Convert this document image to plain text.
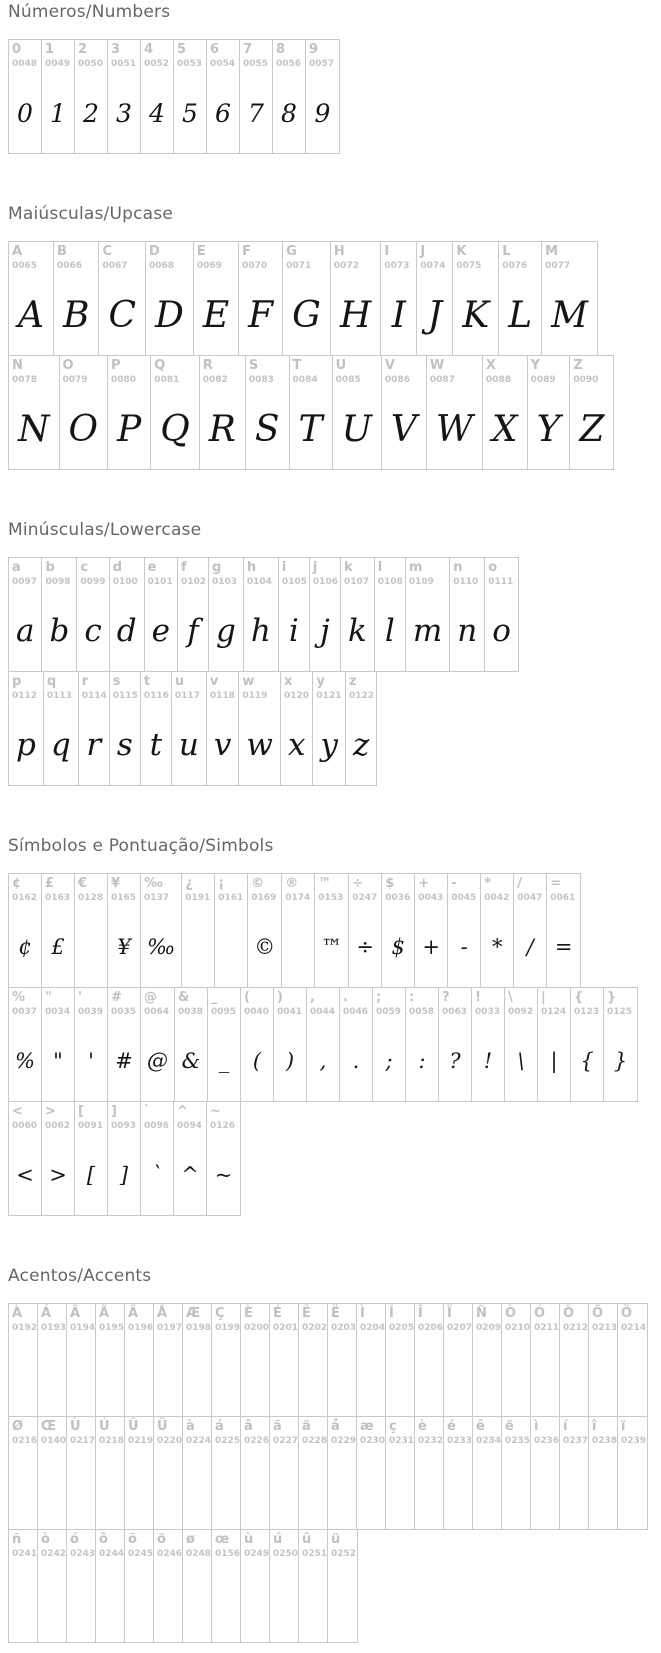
Números/Numbers
0
0048
0
1
0049
1
2
0050
2
3
0051
3
4
0052
4
5
0053
5
6
0054
6
7
0055
7
8
0056
8
9
0057
9
Maiúsculas/Upcase
A
0065
A
B
0066
B
C
0067
C
D
0068
D
E
0069
E
F
0070
F
G
0071
G
H
0072
H
I
0073
I
J
0074
J
K
0075
K
L
0076
L
M
0077
M
N
0078
N
O
0079
O
P
0080
P
Q
0081
Q
R
0082
R
S
0083
S
T
0084
T
U
0085
U
V
0086
V
W
0087
W
X
0088
X
Y
0089
Y
Z
0090
Z
Minúsculas/Lowercase
a
0097
a
b
0098
b
c
0099
c
d
0100
d
e
0101
e
f
0102
f
g
0103
g
h
0104
h
i
0105
i
j
0106
j
k
0107
k
l
0108
l
m
0109
m
n
0110
n
o
0111
o
p
0112
p
q
0113
q
r
0114
r
s
0115
s
t
0116
t
u
0117
u
v
0118
v
w
0119
w
x
0120
x
y
0121
y
z
0122
z
Símbolos e Pontuação/Simbols
¢
0162
¢
£
0163
£
€
0128
¥
0165
¥
‰
0137
‰
¿
0191
¡
0161
©
0169
©
®
0174
™
0153
™
÷
0247
÷
$
0036
$
+
0043
+
-
0045
-
*
0042
*
/
0047
/
=
0061
=
%
0037
%
"
0034
"
'
0039
'
#
0035
#
@
0064
@
&
0038
&
_
0095
_
(
0040
(
)
0041
)
,
0044
,
.
0046
.
;
0059
;
:
0058
:
?
0063
?
!
0033
!
\
0092
\
|
0124
|
{
0123
{
}
0125
}
<
0060
<
>
0062
>
[
0091
[
]
0093
]
`
0096
`
^
0094
^
~
0126
~
Acentos/Accents
À
0192
Á
0193
Â
0194
Ã
0195
Ä
0196
Å
0197
Æ
0198
Ç
0199
È
0200
É
0201
Ê
0202
Ë
0203
Ì
0204
Í
0205
Î
0206
Ï
0207
Ñ
0209
Ò
0210
Ó
0211
Ô
0212
Õ
0213
Ö
0214
Ø
0216
Œ
0140
Ù
0217
Ú
0218
Û
0219
Ü
0220
à
0224
á
0225
â
0226
ã
0227
ä
0228
å
0229
æ
0230
ç
0231
è
0232
é
0233
ê
0234
ë
0235
ì
0236
í
0237
î
0238
ï
0239
ñ
0241
ò
0242
ó
0243
ô
0244
õ
0245
ö
0246
ø
0248
œ
0156
ù
0249
ú
0250
û
0251
ü
0252
